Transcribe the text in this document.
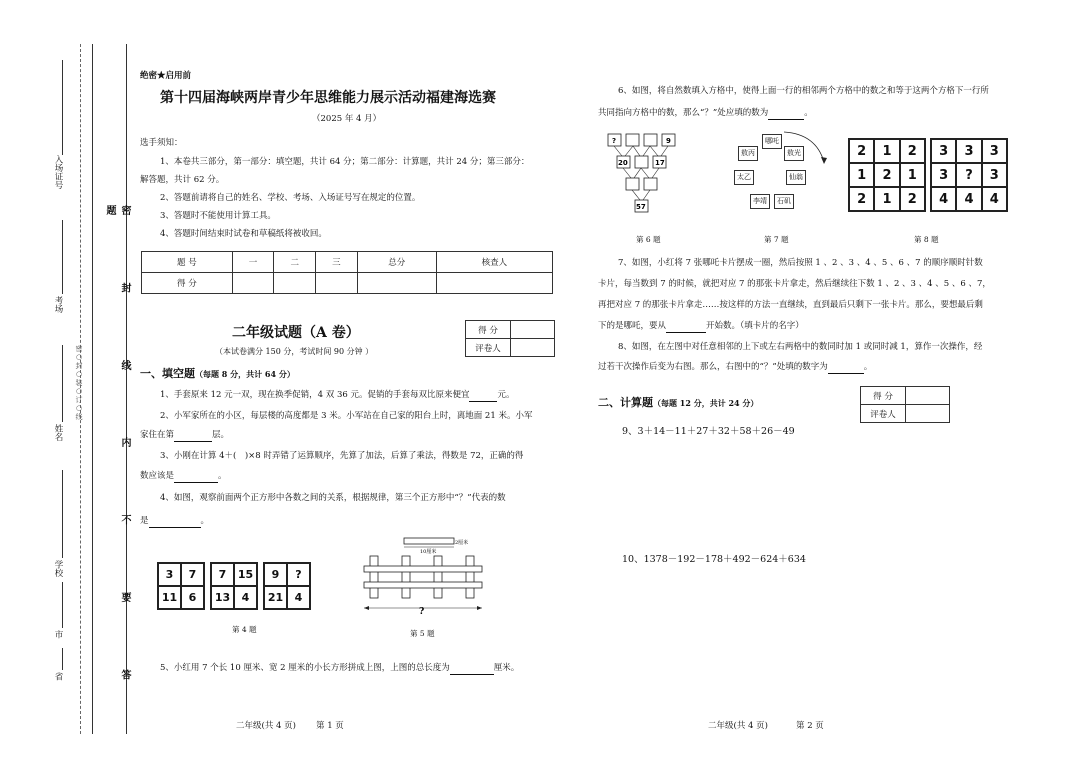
密○封○装○订○线
入场证号
考场
姓名
学校
市
省	密 封 线 内 不 要 答 题
绝密★启用前
第十四届海峡两岸青少年思维能力展示活动福建海选赛
（2025 年 4 月）
选手须知：
1、本卷共三部分，第一部分：填空题，共计 64 分；第二部分：计算题，共计 24 分；第三部分：
解答题，共计 62 分。
2、答题前请将自己的姓名、学校、考场、入场证号写在规定的位置。
3、答题时不能使用计算工具。
4、答题时间结束时试卷和草稿纸将被收回。
题 号	一	二	三	总分	核查人
得 分					
二年级试题（A 卷）
（本试卷满分 150 分，考试时间 90 分钟 ）
得 分	
评卷人	
一、填空题（每题 8 分，共计 64 分）
1、手套原来 12 元一双，现在换季促销，4 双 36 元。促销的手套每双比原来便宜	元。
2、小军家所在的小区，每层楼的高度都是 3 米。小军站在自己家的阳台上时，离地面 21 米。小军
家住在第	层。
3、小刚在计算 4＋(　)×8 时弄错了运算顺序，先算了加法，后算了乘法，得数是 72，正确的得
数应该是	。
4、如图，观察前面两个正方形中各数之间的关系，根据规律，第三个正方形中“？”代表的数
是	。
3	7
11	6
7	15
13	4
9	?
21	4
第 4 题
2厘米
10厘米
?
第 5 题
5、小红用 7 个长 10 厘米、宽 2 厘米的小长方形拼成上图，上图的总长度为	厘米。
二年级(共 4 页) 第 1 页
6、如图，将自然数填入方格中，使得上面一行的相邻两个方格中的数之和等于这两个方格下一行所
共同指向方格中的数，那么“？”处应填的数为	。
?	9
20	17
57
第 6 题
哪吒
敖丙	敖光
太乙	仙翁
李靖	石矶
第 7 题
2	1	2
1	2	1
2	1	2
3	3	3
3	?	3
4	4	4
第 8 题
7、如图，小红将 7 张哪吒卡片摆成一圈，然后按照 1 、2 、3 、4 、5 、6 、7 的顺序顺时针数
卡片，每当数到 7 的时候，就把对应 7 的那张卡片拿走，然后继续往下数 1 、2 、3 、4 、5 、6 、7，
再把对应 7 的那张卡片拿走……按这样的方法一直继续，直到最后只剩下一张卡片。那么，要想最后剩
下的是哪吒，要从	开始数。（填卡片的名字）
8、如图，在左图中对任意相邻的上下或左右两格中的数同时加 1 或同时减 1，算作一次操作，经
过若干次操作后变为右图。那么，右图中的“？”处填的数字为	。
得 分	
评卷人	
二、计算题（每题 12 分，共计 24 分）
9、3＋14－11＋27＋32＋58＋26－49
10、1378－192－178＋492－624＋634
二年级(共 4 页)	第 2 页
